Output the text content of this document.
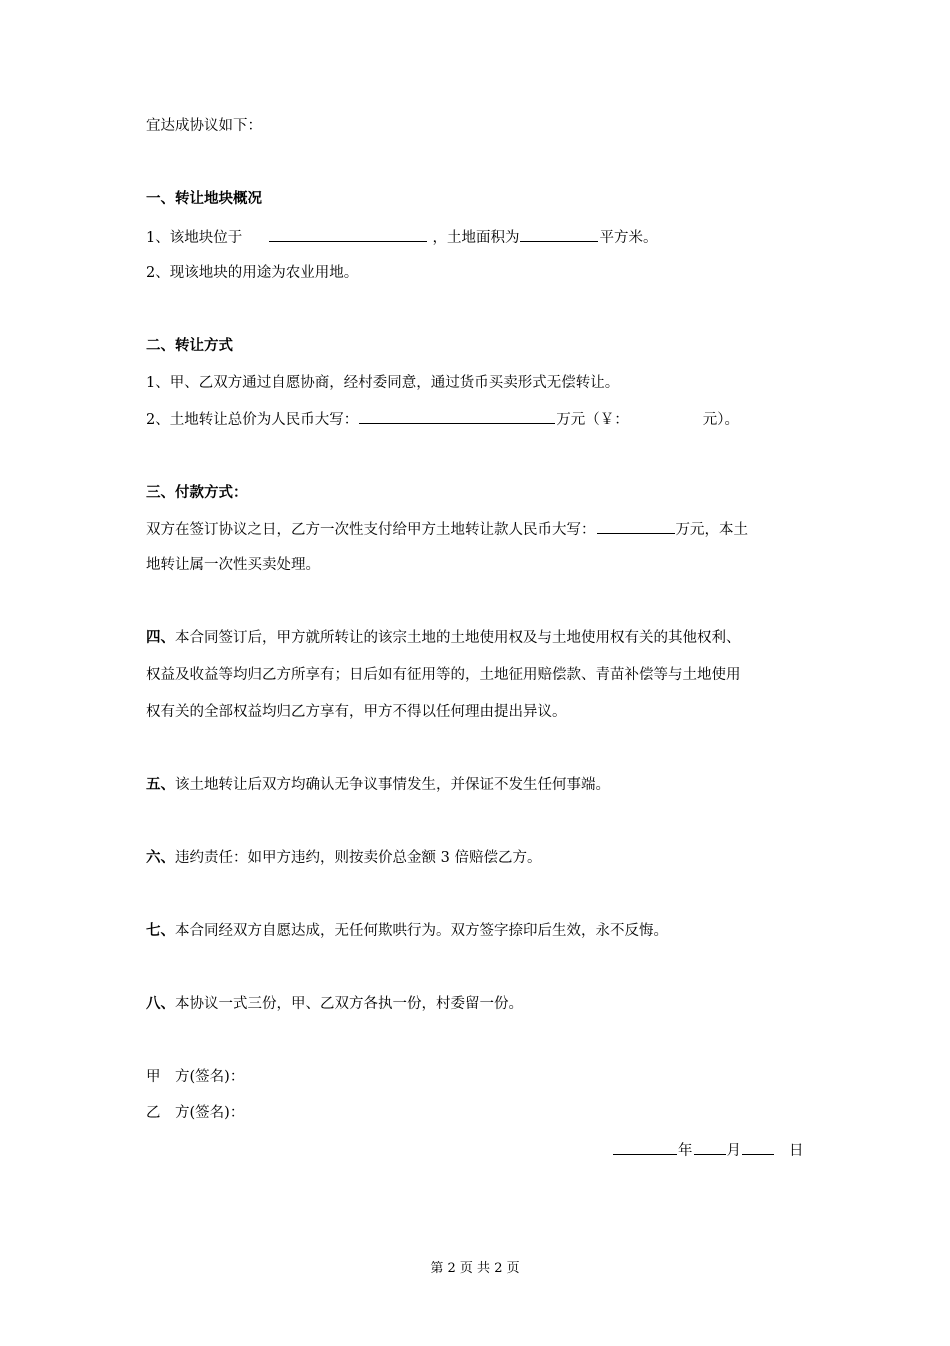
宜达成协议如下：
一、转让地块概况
1、该地块位于	，土地面积为	平方米。
2、现该地块的用途为农业用地。
二、转让方式
1、甲、乙双方通过自愿协商，经村委同意，通过货币买卖形式无偿转让。
2、土地转让总价为人民币大写：	万元（￥：	元）。
三、付款方式：
双方在签订协议之日，乙方一次性支付给甲方土地转让款人民币大写：	万元，本土
地转让属一次性买卖处理。
四、本合同签订后，甲方就所转让的该宗土地的土地使用权及与土地使用权有关的其他权利、
权益及收益等均归乙方所享有；日后如有征用等的，土地征用赔偿款、青苗补偿等与土地使用
权有关的全部权益均归乙方享有，甲方不得以任何理由提出异议。
五、该土地转让后双方均确认无争议事情发生，并保证不发生任何事端。
六、违约责任：如甲方违约，则按卖价总金额 3 倍赔偿乙方。
七、本合同经双方自愿达成，无任何欺哄行为。双方签字捺印后生效，永不反悔。
八、本协议一式三份，甲、乙双方各执一份，村委留一份。
甲　方(签名)：
乙　方(签名)：
年 月	日
第 2 页 共 2 页
